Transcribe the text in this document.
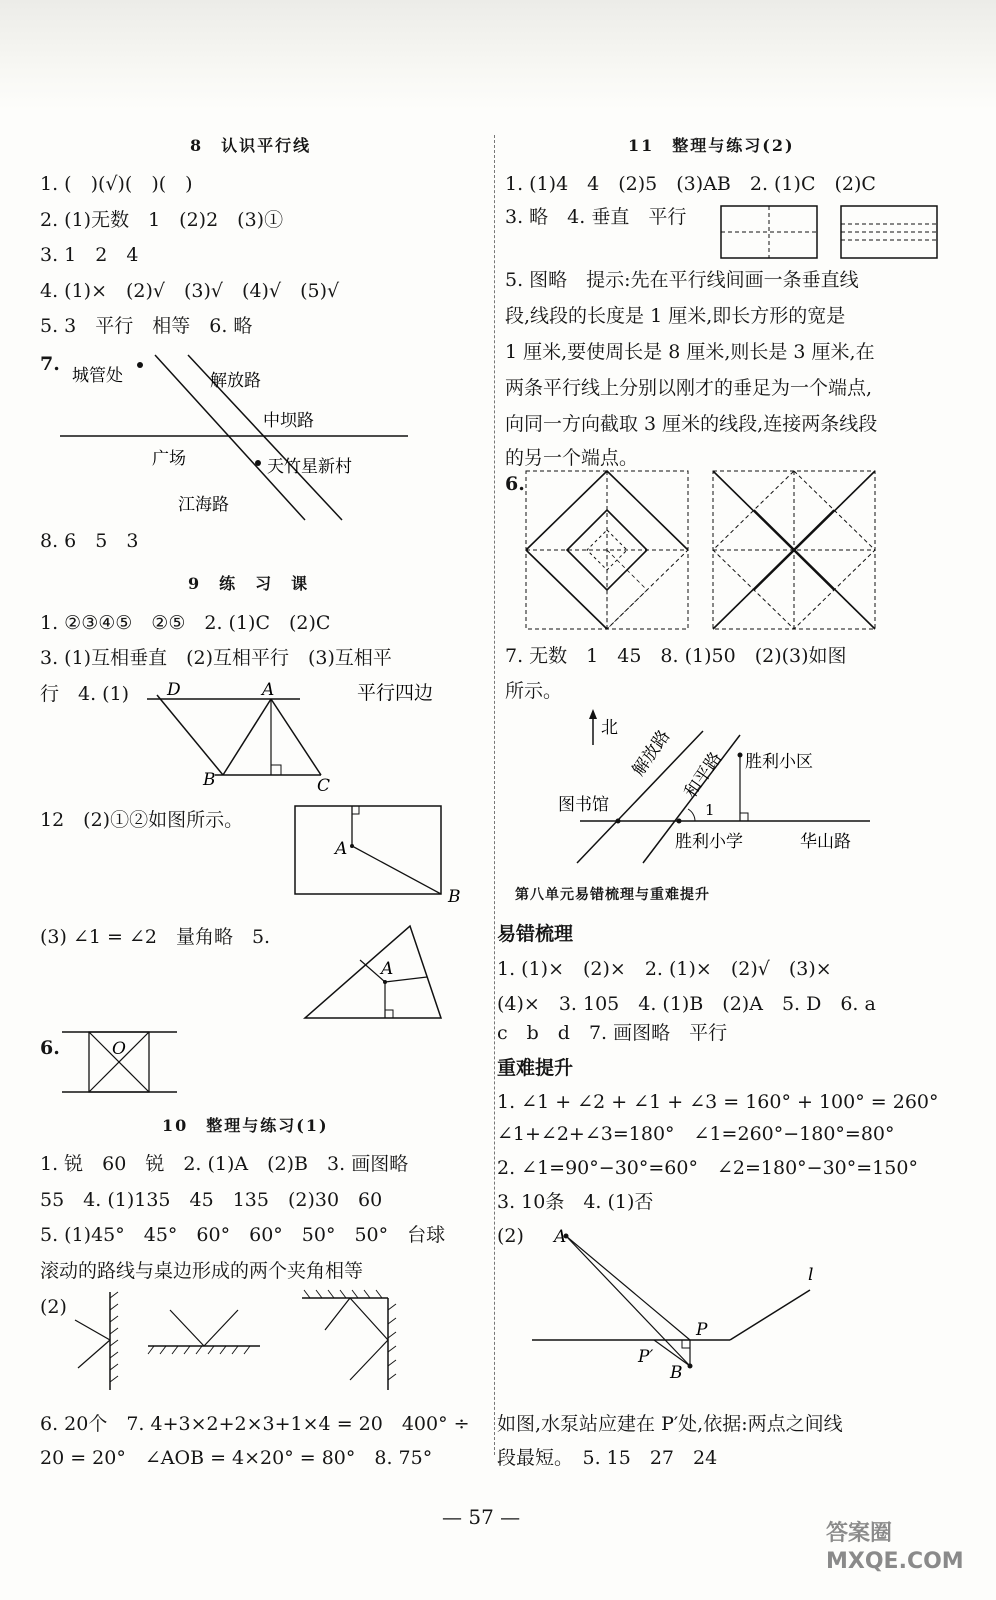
8　认识平行线
1. (　)(√)(　)(　)
2. (1)无数　1　(2)2　(3)①
3. 1　2　4
4. (1)×　(2)√　(3)√　(4)√　(5)√
5. 3　平行　相等　6. 略
7.
城管处	解放路
中坝路
广场	天竹星新村
江海路
8. 6　5　3
9　练　习　课
1. ②③④⑤　②⑤　2. (1)C　(2)C
3. (1)互相垂直　(2)互相平行　(3)互相平
行　4. (1) D	A
B	C
平行四边
12　(2)①②如图所示。
A
B
(3) ∠1 = ∠2　量角略　5.
A
6.	O
10　整理与练习(1)
1. 锐　60　锐　2. (1)A　(2)B　3. 画图略
55　4. (1)135　45　135　(2)30　60
5. (1)45°　45°　60°　60°　50°　50°　台球
滚动的路线与桌边形成的两个夹角相等
(2)
6. 20个　7. 4+3×2+2×3+1×4 = 20　400° ÷
20 = 20°　∠AOB = 4×20° = 80°　8. 75°
11　整理与练习(2)
1. (1)4　4　(2)5　(3)AB　2. (1)C　(2)C
3. 略　4. 垂直　平行
5. 图略　提示:先在平行线间画一条垂直线
段,线段的长度是 1 厘米,即长方形的宽是
1 厘米,要使周长是 8 厘米,则长是 3 厘米,在
两条平行线上分别以刚才的垂足为一个端点,
向同一方向截取 3 厘米的线段,连接两条线段
的另一个端点。
6.
7. 无数　1　45　8. (1)50　(2)(3)如图
所示。
北 解放路 和平路 胜利小区
图书馆
胜利小学	华山路
1
第八单元易错梳理与重难提升
易错梳理
1. (1)×　(2)×　2. (1)×　(2)√　(3)×
(4)×　3. 105　4. (1)B　(2)A　5. D　6. a
c　b　d　7. 画图略　平行
重难提升
1. ∠1 + ∠2 + ∠1 + ∠3 = 160° + 100° = 260°
∠1+∠2+∠3=180°　∠1=260°−180°=80°
2. ∠1=90°−30°=60°　∠2=180°−30°=150°
3. 10条　4. (1)否
(2) A
l
P
P′
B
如图,水泵站应建在 P′处,依据:两点之间线
段最短。　5. 15　27　24
— 57 —
答案圈 MXQE.COM
